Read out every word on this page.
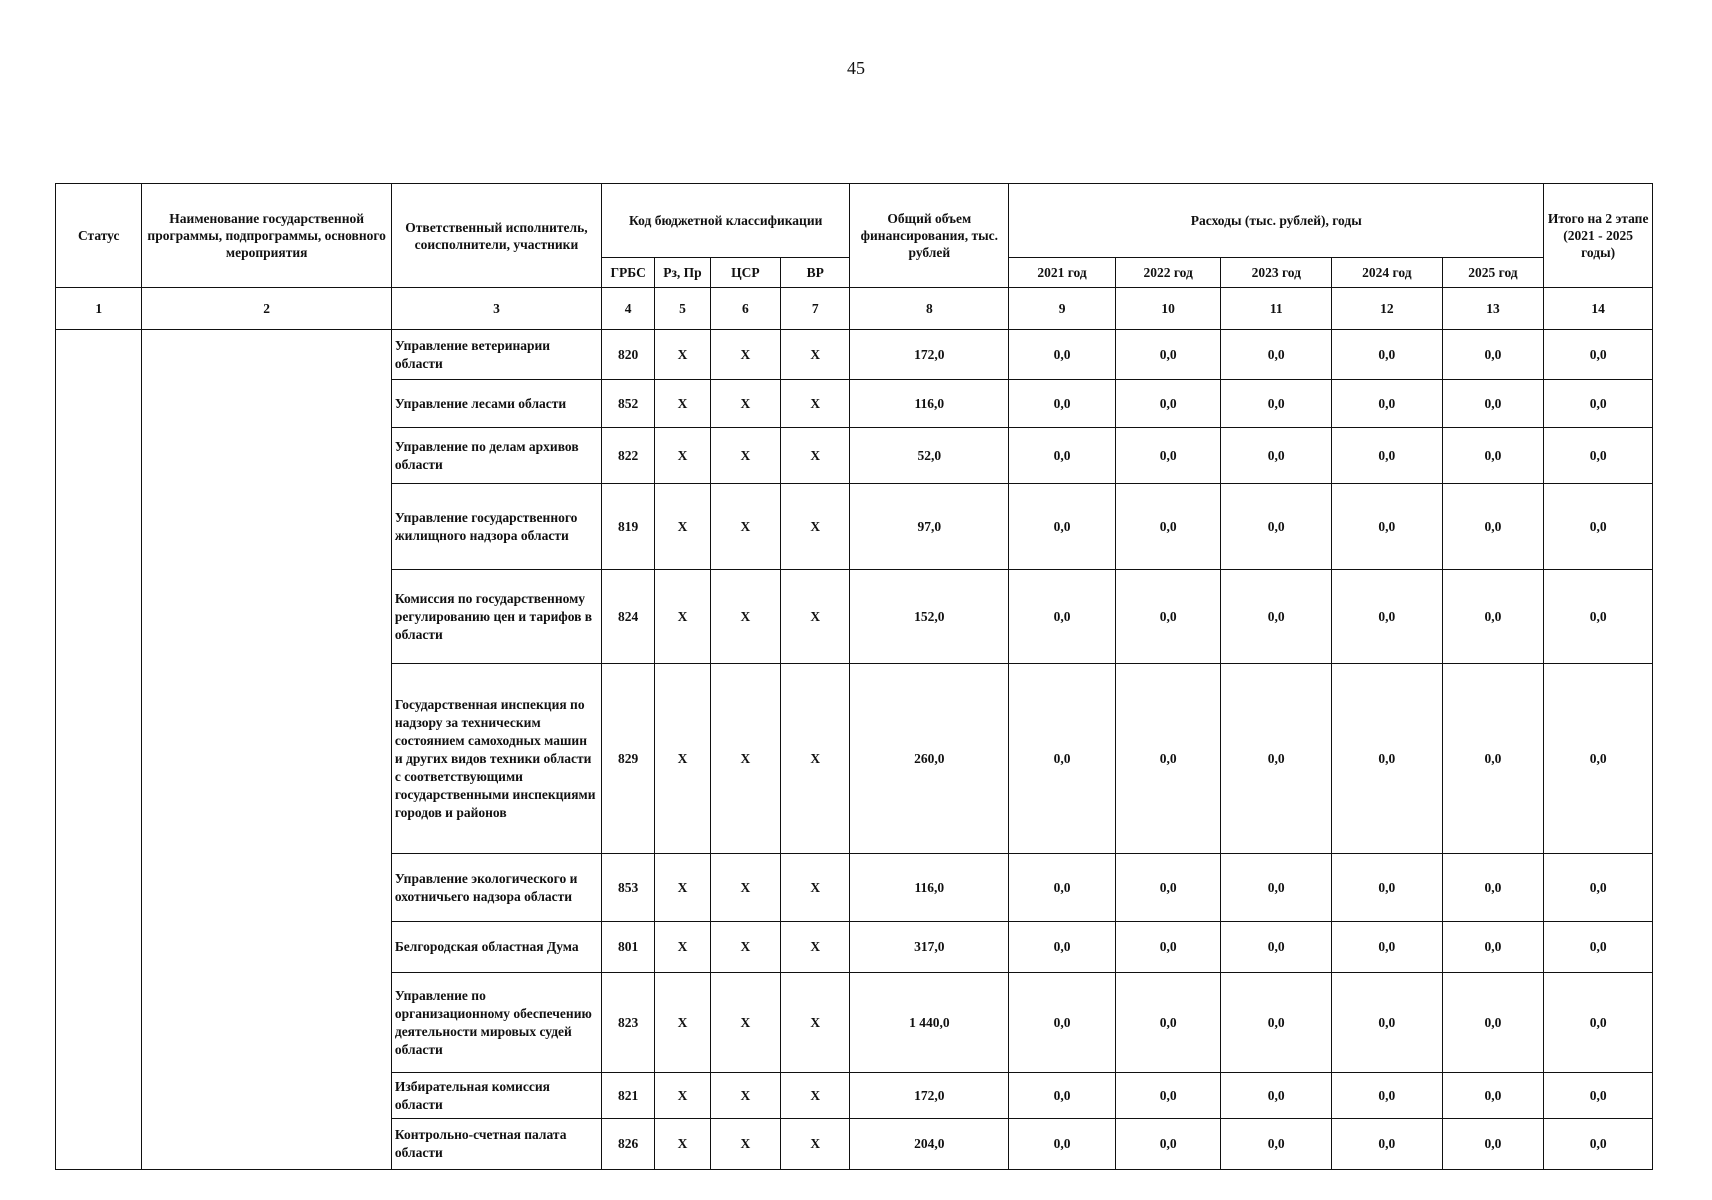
45
Статус	Наименование государственной программы, подпрограммы, основного мероприятия	Ответственный исполнитель, соисполнители, участники	Код бюджетной классификации				Общий объем финансирования, тыс. рублей	Расходы (тыс. рублей), годы					Итого на 2 этапе (2021 - 2025 годы)
			ГРБС	Рз, Пр	ЦСР	ВР		2021 год	2022 год	2023 год	2024 год	2025 год	
1	2	3	4	5	6	7	8	9	10	11	12	13	14
		Управление ветеринарии области	820	Х	Х	Х	172,0	0,0	0,0	0,0	0,0	0,0	0,0
		Управление лесами области	852	Х	Х	Х	116,0	0,0	0,0	0,0	0,0	0,0	0,0
		Управление по делам архивов области	822	Х	Х	Х	52,0	0,0	0,0	0,0	0,0	0,0	0,0
		Управление государственного жилищного надзора области	819	Х	Х	Х	97,0	0,0	0,0	0,0	0,0	0,0	0,0
		Комиссия по государственному регулированию цен и тарифов в области	824	Х	Х	Х	152,0	0,0	0,0	0,0	0,0	0,0	0,0
		Государственная инспекция по надзору за техническим состоянием самоходных машин и других видов техники области с соответствующими государственными инспекциями городов и районов	829	Х	Х	Х	260,0	0,0	0,0	0,0	0,0	0,0	0,0
		Управление экологического и охотничьего надзора области	853	Х	Х	Х	116,0	0,0	0,0	0,0	0,0	0,0	0,0
		Белгородская областная Дума	801	Х	Х	Х	317,0	0,0	0,0	0,0	0,0	0,0	0,0
		Управление по организационному обеспечению деятельности мировых судей области	823	Х	Х	Х	1 440,0	0,0	0,0	0,0	0,0	0,0	0,0
		Избирательная комиссия области	821	Х	Х	Х	172,0	0,0	0,0	0,0	0,0	0,0	0,0
		Контрольно-счетная палата области	826	Х	Х	Х	204,0	0,0	0,0	0,0	0,0	0,0	0,0
